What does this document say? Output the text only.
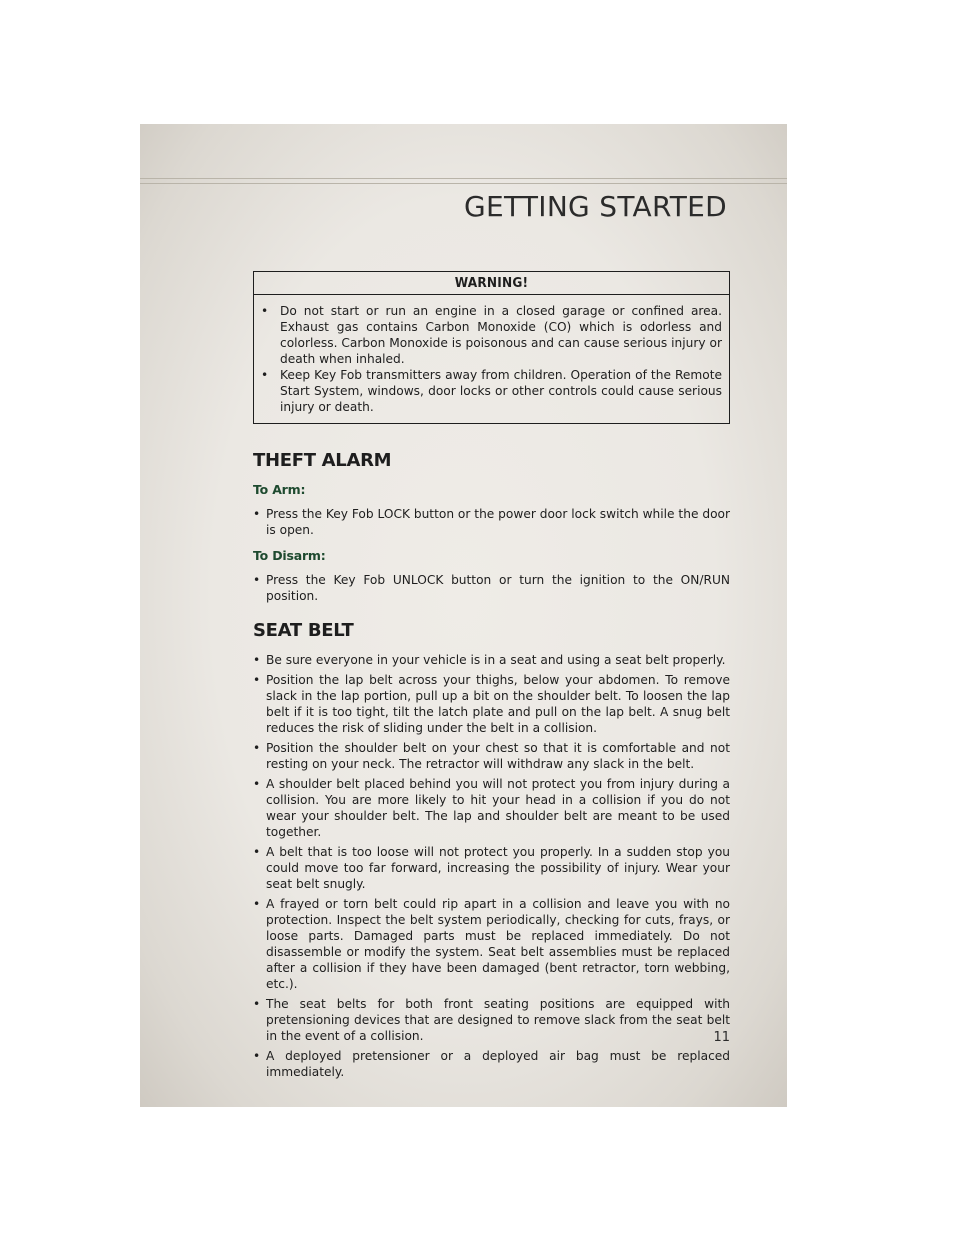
GETTING STARTED
WARNING!
• Do not start or run an engine in a closed garage or confined area. Exhaust gas contains Carbon Monoxide (CO) which is odorless and colorless. Carbon Monoxide is poisonous and can cause serious injury or death when inhaled.
• Keep Key Fob transmitters away from children. Operation of the Remote Start System, windows, door locks or other controls could cause serious injury or death.
THEFT ALARM
To Arm:
• Press the Key Fob LOCK button or the power door lock switch while the door is open.
To Disarm:
• Press the Key Fob UNLOCK button or turn the ignition to the ON/RUN position.
SEAT BELT
• Be sure everyone in your vehicle is in a seat and using a seat belt properly.
• Position the lap belt across your thighs, below your abdomen. To remove slack in the lap portion, pull up a bit on the shoulder belt. To loosen the lap belt if it is too tight, tilt the latch plate and pull on the lap belt. A snug belt reduces the risk of sliding under the belt in a collision.
• Position the shoulder belt on your chest so that it is comfortable and not resting on your neck. The retractor will withdraw any slack in the belt.
• A shoulder belt placed behind you will not protect you from injury during a collision. You are more likely to hit your head in a collision if you do not wear your shoulder belt. The lap and shoulder belt are meant to be used together.
• A belt that is too loose will not protect you properly. In a sudden stop you could move too far forward, increasing the possibility of injury. Wear your seat belt snugly.
• A frayed or torn belt could rip apart in a collision and leave you with no protection. Inspect the belt system periodically, checking for cuts, frays, or loose parts. Damaged parts must be replaced immediately. Do not disassemble or modify the system. Seat belt assemblies must be replaced after a collision if they have been damaged (bent retractor, torn webbing, etc.).
• The seat belts for both front seating positions are equipped with pretensioning devices that are designed to remove slack from the seat belt in the event of a collision.
• A deployed pretensioner or a deployed air bag must be replaced immediately.
11
